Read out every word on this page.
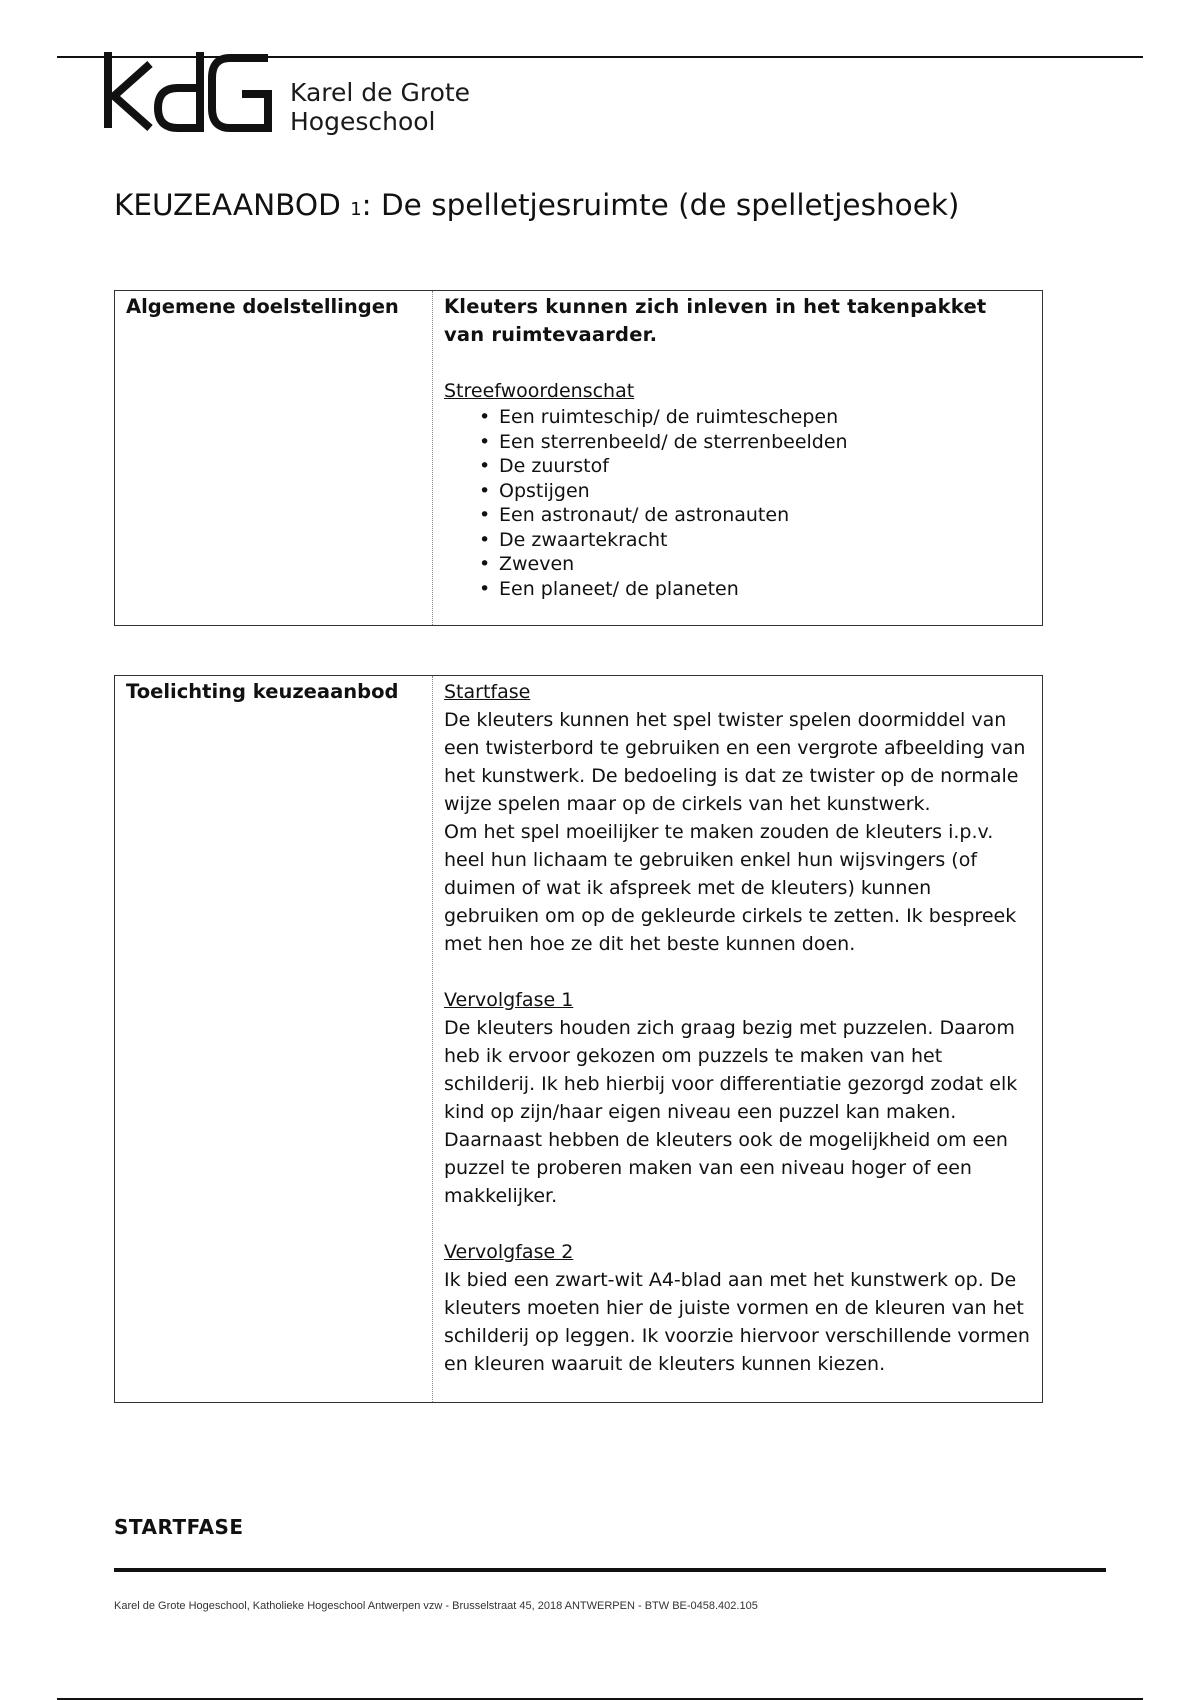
Karel de Grote
Hogeschool
KEUZEAANBOD 1: De spelletjesruimte (de spelletjeshoek)
Algemene doelstellingen	Kleuters kunnen zich inleven in het takenpakket van ruimtevaarder.
Streefwoordenschat
• Een ruimteschip/ de ruimteschepen
• Een sterrenbeeld/ de sterrenbeelden
• De zuurstof
• Opstijgen
• Een astronaut/ de astronauten
• De zwaartekracht
• Zweven
• Een planeet/ de planeten
Toelichting keuzeaanbod	Startfase
De kleuters kunnen het spel twister spelen doormiddel van een twisterbord te gebruiken en een vergrote afbeelding van het kunstwerk. De bedoeling is dat ze twister op de normale wijze spelen maar op de cirkels van het kunstwerk.
Om het spel moeilijker te maken zouden de kleuters i.p.v. heel hun lichaam te gebruiken enkel hun wijsvingers (of duimen of wat ik afspreek met de kleuters) kunnen gebruiken om op de gekleurde cirkels te zetten. Ik bespreek met hen hoe ze dit het beste kunnen doen.
Vervolgfase 1
De kleuters houden zich graag bezig met puzzelen. Daarom heb ik ervoor gekozen om puzzels te maken van het schilderij. Ik heb hierbij voor differentiatie gezorgd zodat elk kind op zijn/haar eigen niveau een puzzel kan maken. Daarnaast hebben de kleuters ook de mogelijkheid om een puzzel te proberen maken van een niveau hoger of een makkelijker.
Vervolgfase 2
Ik bied een zwart-wit A4-blad aan met het kunstwerk op. De kleuters moeten hier de juiste vormen en de kleuren van het schilderij op leggen. Ik voorzie hiervoor verschillende vormen en kleuren waaruit de kleuters kunnen kiezen.
STARTFASE
Karel de Grote Hogeschool, Katholieke Hogeschool Antwerpen vzw - Brusselstraat 45, 2018 ANTWERPEN - BTW BE-0458.402.105
